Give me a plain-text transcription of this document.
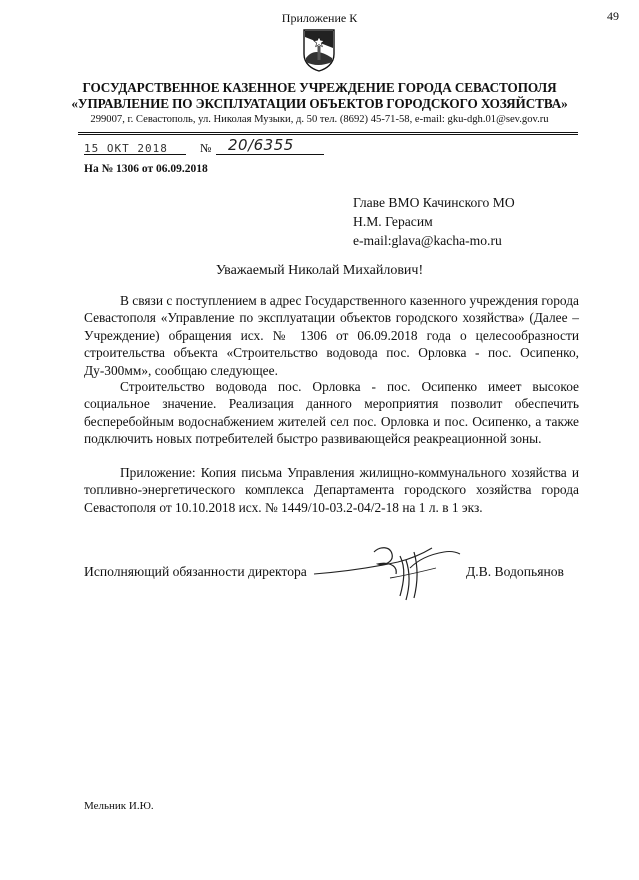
Приложение К	49
ГОСУДАРСТВЕННОЕ КАЗЕННОЕ УЧРЕЖДЕНИЕ ГОРОДА СЕВАСТОПОЛЯ
«УПРАВЛЕНИЕ ПО ЭКСПЛУАТАЦИИ ОБЪЕКТОВ ГОРОДСКОГО ХОЗЯЙСТВА»
299007, г. Севастополь, ул. Николая Музыки, д. 50 тел. (8692) 45-71-58, e-mail: gku-dgh.01@sev.gov.ru
15 ОКТ 2018	№ 20/6355
На № 1306 от 06.09.2018
Главе ВМО Качинского МО
Н.М. Герасим
e-mail:glava@kacha-mo.ru
Уважаемый Николай Михайлович!

В связи с поступлением в адрес Государственного казенного учреждения города Севастополя «Управление по эксплуатации объектов городского хозяйства» (Далее – Учреждение) обращения исх. № 1306 от 06.09.2018 года о целесообразности строительства объекта «Строительство водовода пос. Орловка - пос. Осипенко, Ду-300мм», сообщаю следующее.

Строительство водовода пос. Орловка - пос. Осипенко имеет высокое социальное значение. Реализация данного мероприятия позволит обеспечить бесперебойным водоснабжением жителей сел пос. Орловка и пос. Осипенко, а также подключить новых потребителей быстро развивающейся реакреационной зоны.

Приложение: Копия письма Управления жилищно-коммунального хозяйства и топливно-энергетического комплекса Департамента городского хозяйства города Севастополя от 10.10.2018 исх. № 1449/10-03.2-04/2-18 на 1 л. в 1 экз.

Исполняющий обязанности директора	Д.В. Водопьянов
Мельник И.Ю.
